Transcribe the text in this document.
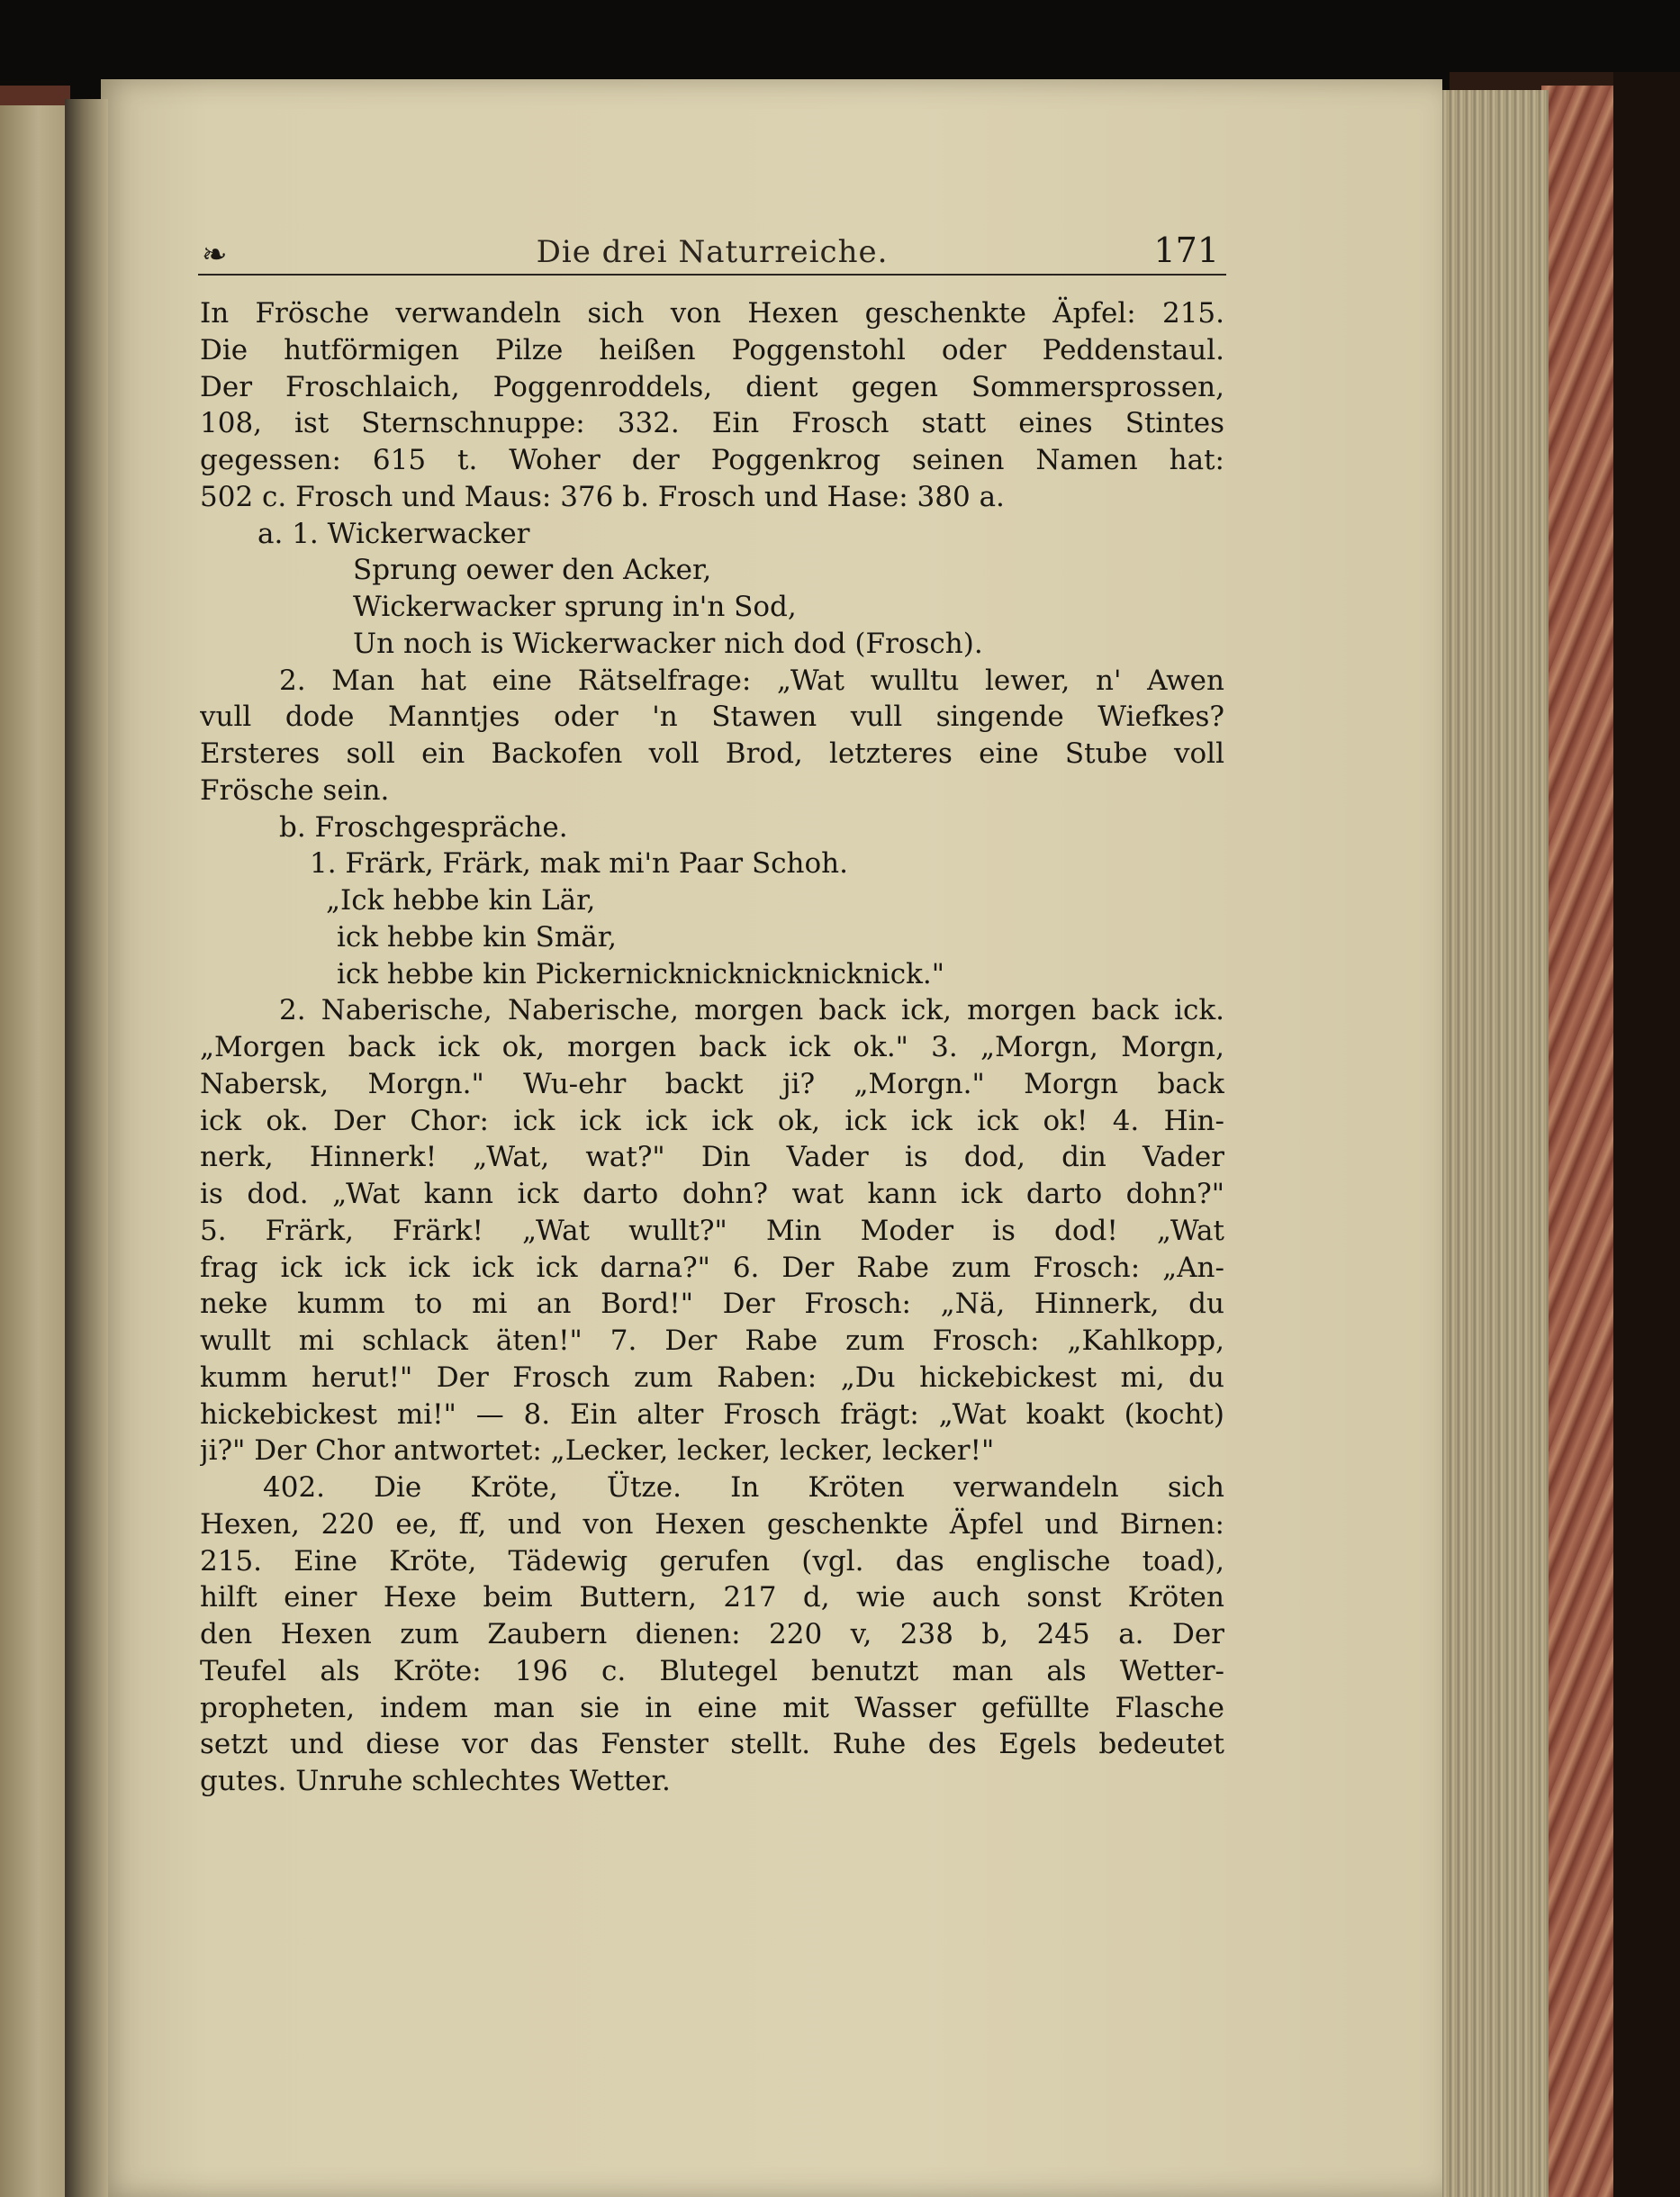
❧	Die drei Naturreiche.	171
In Frösche verwandeln sich von Hexen geschenkte Äpfel: 215.
Die hutförmigen Pilze heißen Poggenstohl oder Peddenstaul.
Der Froschlaich, Poggenroddels, dient gegen Sommersprossen,
108, ist Sternschnuppe: 332. Ein Frosch statt eines Stintes
gegessen: 615 t. Woher der Poggenkrog seinen Namen hat:
502 c. Frosch und Maus: 376 b. Frosch und Hase: 380 a.
a. 1. Wickerwacker
Sprung oewer den Acker,
Wickerwacker sprung in'n Sod,
Un noch is Wickerwacker nich dod (Frosch).
2. Man hat eine Rätselfrage: „Wat wulltu lewer, n' Awen
vull dode Manntjes oder 'n Stawen vull singende Wiefkes?
Ersteres soll ein Backofen voll Brod, letzteres eine Stube voll
Frösche sein.
b. Froschgespräche.
1. Frärk, Frärk, mak mi'n Paar Schoh.
„Ick hebbe kin Lär,
ick hebbe kin Smär,
ick hebbe kin Pickernicknicknicknicknick."
2. Naberische, Naberische, morgen back ick, morgen back ick.
„Morgen back ick ok, morgen back ick ok." 3. „Morgn, Morgn,
Nabersk, Morgn." Wu-ehr backt ji? „Morgn." Morgn back
ick ok. Der Chor: ick ick ick ick ok, ick ick ick ok! 4. Hin-
nerk, Hinnerk! „Wat, wat?" Din Vader is dod, din Vader
is dod. „Wat kann ick darto dohn? wat kann ick darto dohn?"
5. Frärk, Frärk! „Wat wullt?" Min Moder is dod! „Wat
frag ick ick ick ick ick darna?" 6. Der Rabe zum Frosch: „An-
neke kumm to mi an Bord!" Der Frosch: „Nä, Hinnerk, du
wullt mi schlack äten!" 7. Der Rabe zum Frosch: „Kahlkopp,
kumm herut!" Der Frosch zum Raben: „Du hickebickest mi, du
hickebickest mi!" — 8. Ein alter Frosch frägt: „Wat koakt (kocht)
ji?" Der Chor antwortet: „Lecker, lecker, lecker, lecker!"
402. Die Kröte, Ütze. In Kröten verwandeln sich
Hexen, 220 ee, ff, und von Hexen geschenkte Äpfel und Birnen:
215. Eine Kröte, Tädewig gerufen (vgl. das englische toad),
hilft einer Hexe beim Buttern, 217 d, wie auch sonst Kröten
den Hexen zum Zaubern dienen: 220 v, 238 b, 245 a. Der
Teufel als Kröte: 196 c. Blutegel benutzt man als Wetter-
propheten, indem man sie in eine mit Wasser gefüllte Flasche
setzt und diese vor das Fenster stellt. Ruhe des Egels bedeutet
gutes. Unruhe schlechtes Wetter.
